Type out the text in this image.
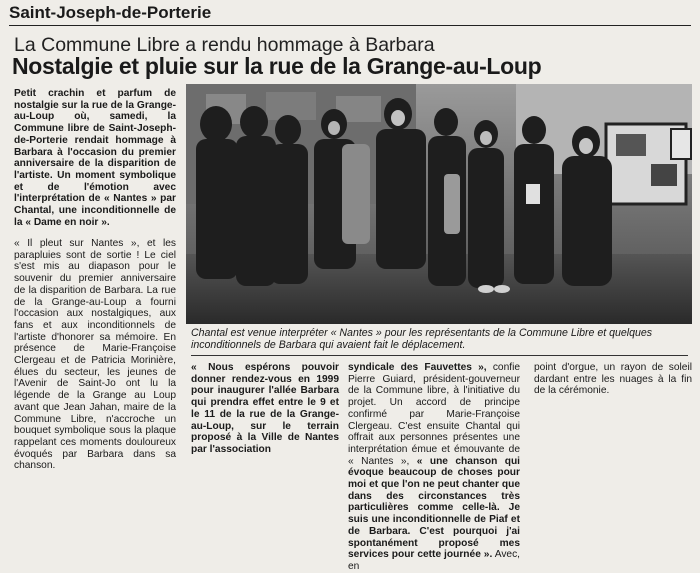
Saint-Joseph-de-Porterie
La Commune Libre a rendu hommage à Barbara
Nostalgie et pluie sur la rue de la Grange-au-Loup

Petit crachin et parfum de nostalgie sur la rue de la Grange-au-Loup où, samedi, la Commune libre de Saint-Joseph-de-Porterie rendait hommage à Barbara à l'occasion du premier anniversaire de la disparition de l'artiste. Un moment symbolique et de l'émotion avec l'interprétation de « Nantes » par Chantal, une inconditionnelle de la « Dame en noir ».

« Il pleut sur Nantes », et les parapluies sont de sortie ! Le ciel s'est mis au diapason pour le souvenir du premier anniversaire de la disparition de Barbara. La rue de la Grange-au-Loup a fourni l'occasion aux nostalgiques, aux fans et aux inconditionnels de l'artiste d'honorer sa mémoire. En présence de Marie-Françoise Clergeau et de Patricia Morinière, élues du secteur, les jeunes de l'Avenir de Saint-Jo ont lu la légende de la Grange au Loup avant que Jean Jahan, maire de la Commune Libre, n'accroche un bouquet symbolique sous la plaque rappelant ces moments douloureux évoqués par Barbara dans sa chanson.

Chantal est venue interpréter « Nantes » pour les représentants de la Commune Libre et quelques inconditionnels de Barbara qui avaient fait le déplacement.

« Nous espérons pouvoir donner rendez-vous en 1999 pour inaugurer l'allée Barbara qui prendra effet entre le 9 et le 11 de la rue de la Grange-au-Loup, sur le terrain proposé à la Ville de Nantes par l'association

syndicale des Fauvettes », confie Pierre Guiard, président-gouverneur de la Commune libre, à l'initiative du projet. Un accord de principe confirmé par Marie-Françoise Clergeau. C'est ensuite Chantal qui offrait aux personnes présentes une interprétation émue et émouvante de « Nantes », « une chanson qui évoque beaucoup de choses pour moi et que l'on ne peut chanter que dans des circonstances très particulières comme celle-là. Je suis une inconditionnelle de Piaf et de Barbara. C'est pourquoi j'ai spontanément proposé mes services pour cette journée ». Avec, en

point d'orgue, un rayon de soleil dardant entre les nuages à la fin de la cérémonie.
